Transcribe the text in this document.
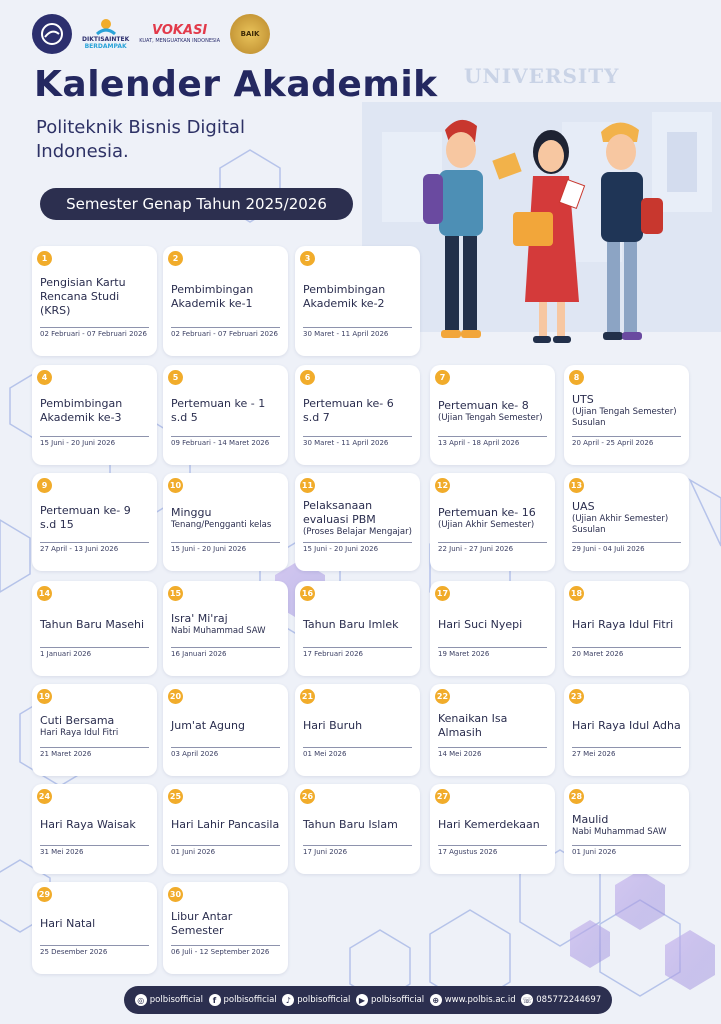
DIKTISAINTEK
BERDAMPAK
VOKASI
KUAT, MENGUATKAN INDONESIA
BAIK
Kalender Akademik

Politeknik Bisnis Digital Indonesia.

Semester Genap Tahun 2025/2026
UNIVERSITY
1
Pengisian Kartu Rencana Studi (KRS)
02 Februari - 07 Februari 2026
2
Pembimbingan Akademik ke-1
02 Februari - 07 Februari 2026
3
Pembimbingan Akademik ke-2
30 Maret - 11 April 2026
4
Pembimbingan Akademik ke-3
15 Juni - 20 Juni 2026
5
Pertemuan ke - 1 s.d 5
09 Februari - 14 Maret 2026
6
Pertemuan ke- 6 s.d 7
30 Maret - 11 April 2026
7
Pertemuan ke- 8
(Ujian Tengah Semester)
13 April - 18 April 2026
8
UTS
(Ujian Tengah Semester) Susulan
20 April - 25 April 2026
9
Pertemuan ke- 9 s.d 15
27 April - 13 Juni 2026
10
Minggu
Tenang/Pengganti kelas
15 Juni - 20 Juni 2026
11
Pelaksanaan evaluasi PBM
(Proses Belajar Mengajar)
15 Juni - 20 Juni 2026
12
Pertemuan ke- 16
(Ujian Akhir Semester)
22 Juni - 27 Juni 2026
13
UAS
(Ujian Akhir Semester) Susulan
29 Juni - 04 Juli 2026
14
Tahun Baru Masehi
1 Januari 2026
15
Isra' Mi'raj
Nabi Muhammad SAW
16 Januari 2026
16
Tahun Baru Imlek
17 Februari 2026
17
Hari Suci Nyepi
19 Maret 2026
18
Hari Raya Idul Fitri
20 Maret 2026
19
Cuti Bersama
Hari Raya Idul Fitri
21 Maret 2026
20
Jum'at Agung
03 April 2026
21
Hari Buruh
01 Mei 2026
22
Kenaikan Isa Almasih
14 Mei 2026
23
Hari Raya Idul Adha
27 Mei 2026
24
Hari Raya Waisak
31 Mei 2026
25
Hari Lahir Pancasila
01 Juni 2026
26
Tahun Baru Islam
17 Juni 2026
27
Hari Kemerdekaan
17 Agustus 2026
28
Maulid
Nabi Muhammad SAW
01 Juni 2026
29
Hari Natal
25 Desember 2026
30
Libur Antar Semester
06 Juli - 12 September 2026
◎ polbisofficial	f polbisofficial	♪ polbisofficial	▶ polbisofficial	⊕ www.polbis.ac.id ☏ 085772244697
